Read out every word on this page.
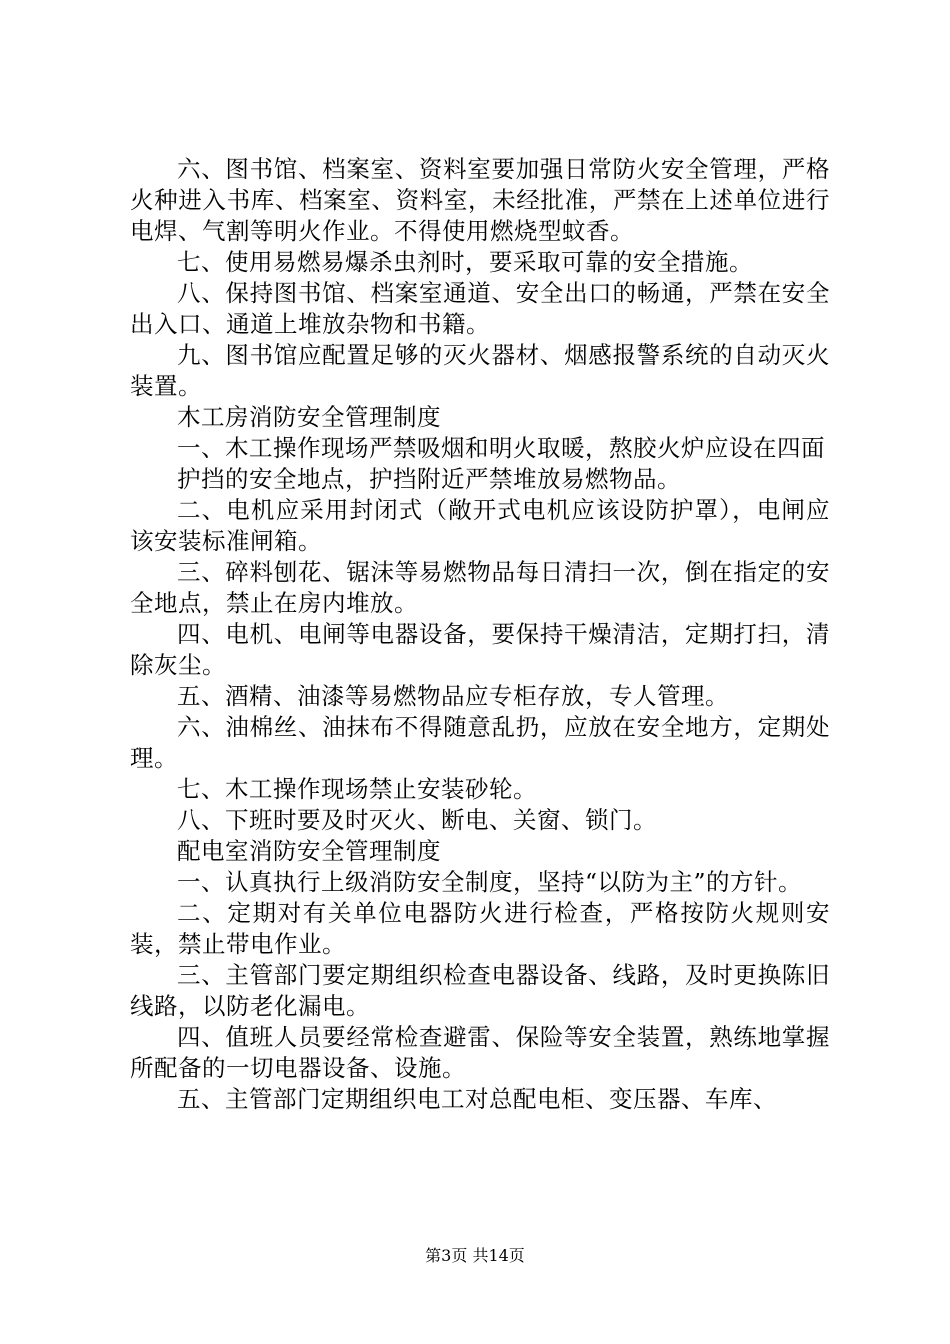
六、图书馆、档案室、资料室要加强日常防火安全管理，严格火种进入书库、档案室、资料室，未经批准，严禁在上述单位进行电焊、气割等明火作业。不得使用燃烧型蚊香。

七、使用易燃易爆杀虫剂时，要采取可靠的安全措施。

八、保持图书馆、档案室通道、安全出口的畅通，严禁在安全出入口、通道上堆放杂物和书籍。

九、图书馆应配置足够的灭火器材、烟感报警系统的自动灭火装置。

木工房消防安全管理制度

一、木工操作现场严禁吸烟和明火取暖，熬胶火炉应设在四面

护挡的安全地点，护挡附近严禁堆放易燃物品。

二、电机应采用封闭式（敞开式电机应该设防护罩），电闸应该安装标准闸箱。

三、碎料刨花、锯沫等易燃物品每日清扫一次，倒在指定的安全地点，禁止在房内堆放。

四、电机、电闸等电器设备，要保持干燥清洁，定期打扫，清除灰尘。

五、酒精、油漆等易燃物品应专柜存放，专人管理。

六、油棉丝、油抹布不得随意乱扔，应放在安全地方，定期处理。

七、木工操作现场禁止安装砂轮。

八、下班时要及时灭火、断电、关窗、锁门。

配电室消防安全管理制度

一、认真执行上级消防安全制度，坚持“以防为主”的方针。

二、定期对有关单位电器防火进行检查，严格按防火规则安装，禁止带电作业。

三、主管部门要定期组织检查电器设备、线路，及时更换陈旧线路，以防老化漏电。

四、值班人员要经常检查避雷、保险等安全装置，熟练地掌握所配备的一切电器设备、设施。

五、主管部门定期组织电工对总配电柜、变压器、车库、

第3页 共14页
